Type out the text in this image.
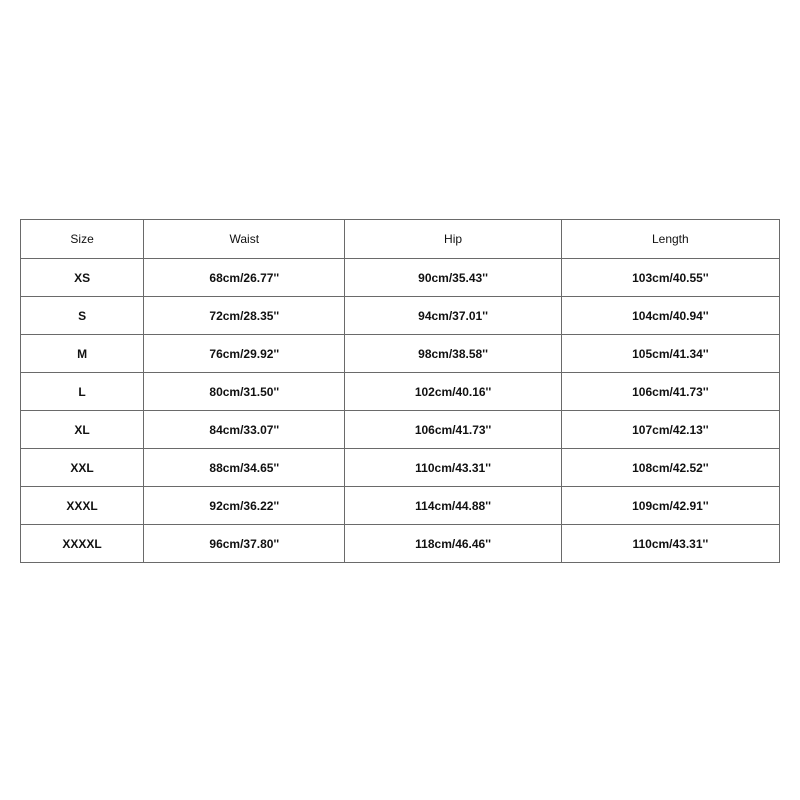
Size	Waist	Hip	Length
XS	68cm/26.77''	90cm/35.43''	103cm/40.55''
S	72cm/28.35''	94cm/37.01''	104cm/40.94''
M	76cm/29.92''	98cm/38.58''	105cm/41.34''
L	80cm/31.50''	102cm/40.16''	106cm/41.73''
XL	84cm/33.07''	106cm/41.73''	107cm/42.13''
XXL	88cm/34.65''	110cm/43.31''	108cm/42.52''
XXXL	92cm/36.22''	114cm/44.88''	109cm/42.91''
XXXXL	96cm/37.80''	118cm/46.46''	110cm/43.31''
